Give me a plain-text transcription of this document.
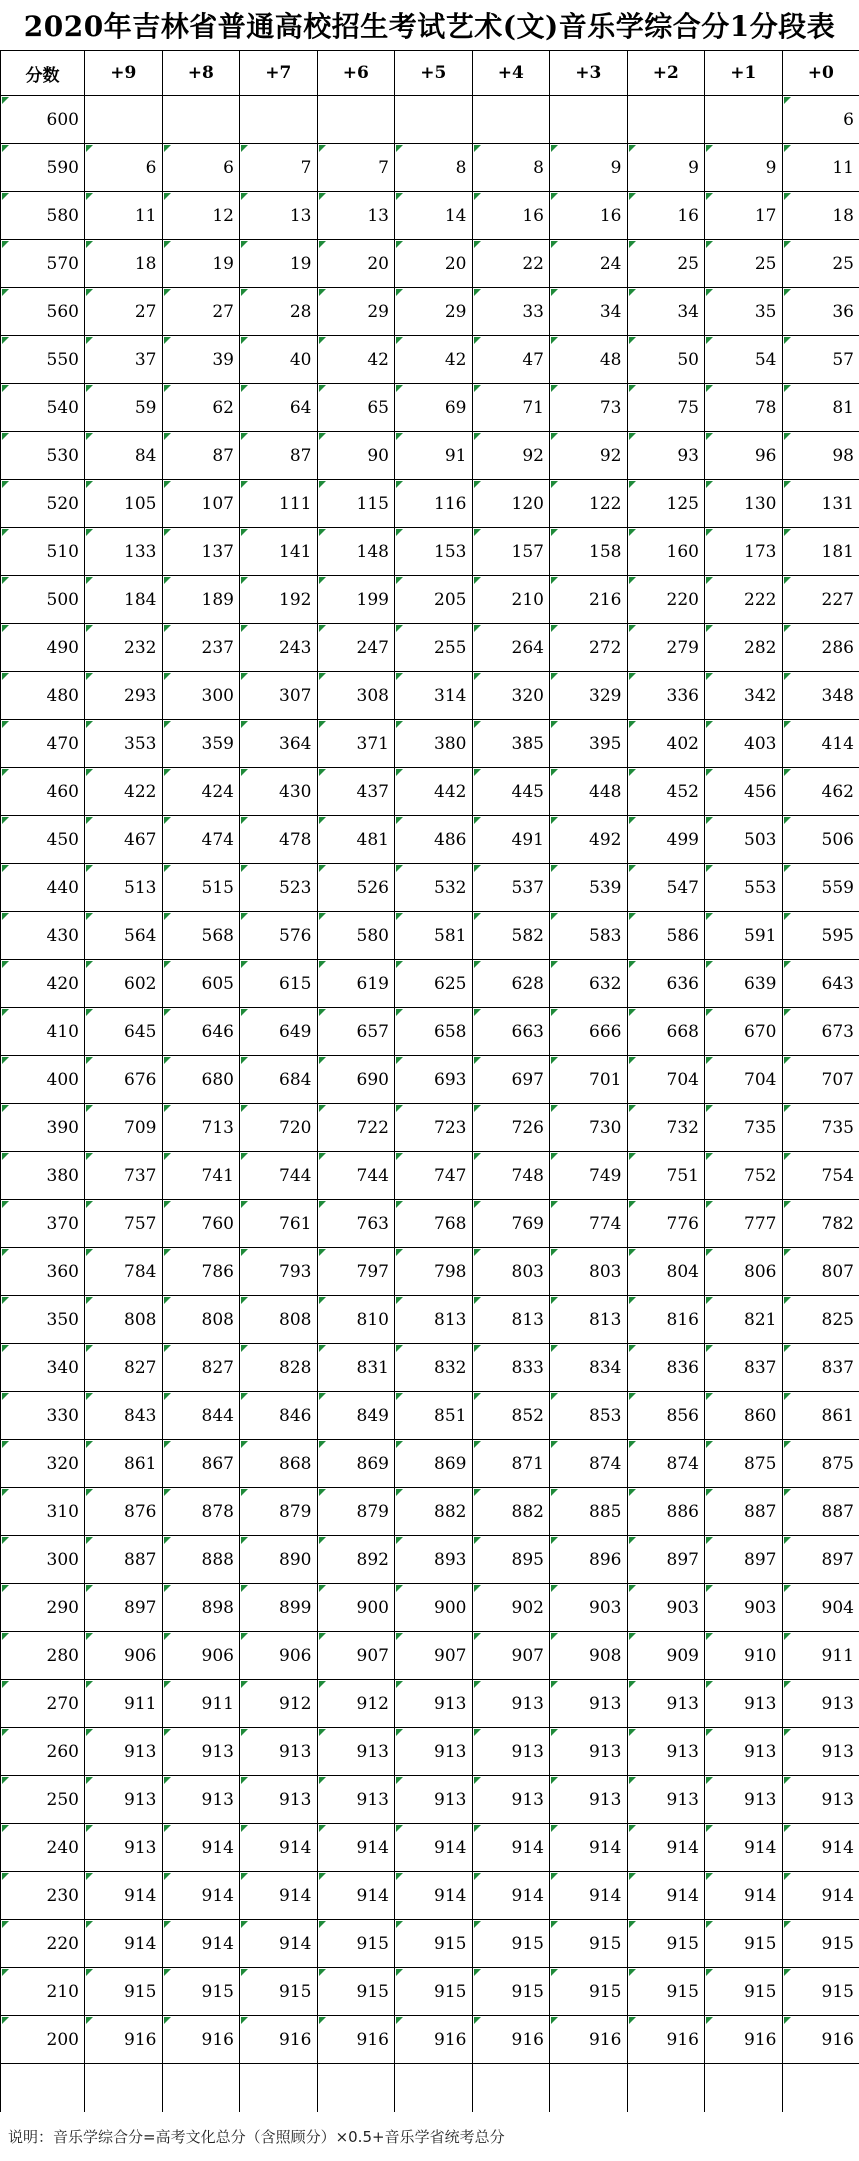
2020年吉林省普通高校招生考试艺术(文)音乐学综合分1分段表
分数	+9	+8	+7	+6	+5	+4	+3	+2	+1	+0
600										6
590	6	6	7	7	8	8	9	9	9	11
580	11	12	13	13	14	16	16	16	17	18
570	18	19	19	20	20	22	24	25	25	25
560	27	27	28	29	29	33	34	34	35	36
550	37	39	40	42	42	47	48	50	54	57
540	59	62	64	65	69	71	73	75	78	81
530	84	87	87	90	91	92	92	93	96	98
520	105	107	111	115	116	120	122	125	130	131
510	133	137	141	148	153	157	158	160	173	181
500	184	189	192	199	205	210	216	220	222	227
490	232	237	243	247	255	264	272	279	282	286
480	293	300	307	308	314	320	329	336	342	348
470	353	359	364	371	380	385	395	402	403	414
460	422	424	430	437	442	445	448	452	456	462
450	467	474	478	481	486	491	492	499	503	506
440	513	515	523	526	532	537	539	547	553	559
430	564	568	576	580	581	582	583	586	591	595
420	602	605	615	619	625	628	632	636	639	643
410	645	646	649	657	658	663	666	668	670	673
400	676	680	684	690	693	697	701	704	704	707
390	709	713	720	722	723	726	730	732	735	735
380	737	741	744	744	747	748	749	751	752	754
370	757	760	761	763	768	769	774	776	777	782
360	784	786	793	797	798	803	803	804	806	807
350	808	808	808	810	813	813	813	816	821	825
340	827	827	828	831	832	833	834	836	837	837
330	843	844	846	849	851	852	853	856	860	861
320	861	867	868	869	869	871	874	874	875	875
310	876	878	879	879	882	882	885	886	887	887
300	887	888	890	892	893	895	896	897	897	897
290	897	898	899	900	900	902	903	903	903	904
280	906	906	906	907	907	907	908	909	910	911
270	911	911	912	912	913	913	913	913	913	913
260	913	913	913	913	913	913	913	913	913	913
250	913	913	913	913	913	913	913	913	913	913
240	913	914	914	914	914	914	914	914	914	914
230	914	914	914	914	914	914	914	914	914	914
220	914	914	914	915	915	915	915	915	915	915
210	915	915	915	915	915	915	915	915	915	915
200	916	916	916	916	916	916	916	916	916	916

说明：音乐学综合分=高考文化总分（含照顾分）×0.5+音乐学省统考总分
